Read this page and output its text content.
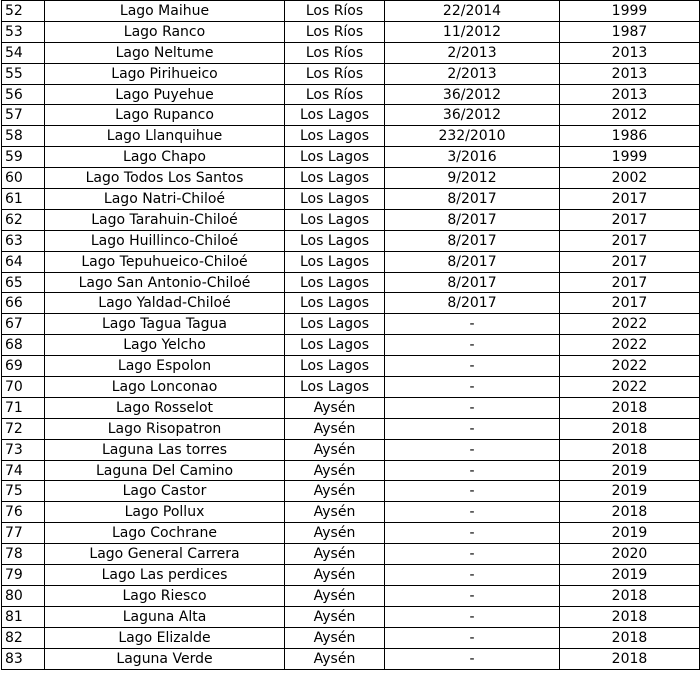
52	Lago Maihue	Los Ríos	22/2014	1999
53	Lago Ranco	Los Ríos	11/2012	1987
54	Lago Neltume	Los Ríos	2/2013	2013
55	Lago Pirihueico	Los Ríos	2/2013	2013
56	Lago Puyehue	Los Ríos	36/2012	2013
57	Lago Rupanco	Los Lagos	36/2012	2012
58	Lago Llanquihue	Los Lagos	232/2010	1986
59	Lago Chapo	Los Lagos	3/2016	1999
60	Lago Todos Los Santos	Los Lagos	9/2012	2002
61	Lago Natri-Chiloé	Los Lagos	8/2017	2017
62	Lago Tarahuin-Chiloé	Los Lagos	8/2017	2017
63	Lago Huillinco-Chiloé	Los Lagos	8/2017	2017
64	Lago Tepuhueico-Chiloé	Los Lagos	8/2017	2017
65	Lago San Antonio-Chiloé	Los Lagos	8/2017	2017
66	Lago Yaldad-Chiloé	Los Lagos	8/2017	2017
67	Lago Tagua Tagua	Los Lagos	-	2022
68	Lago Yelcho	Los Lagos	-	2022
69	Lago Espolon	Los Lagos	-	2022
70	Lago Lonconao	Los Lagos	-	2022
71	Lago Rosselot	Aysén	-	2018
72	Lago Risopatron	Aysén	-	2018
73	Laguna Las torres	Aysén	-	2018
74	Laguna Del Camino	Aysén	-	2019
75	Lago Castor	Aysén	-	2019
76	Lago Pollux	Aysén	-	2018
77	Lago Cochrane	Aysén	-	2019
78	Lago General Carrera	Aysén	-	2020
79	Lago Las perdices	Aysén	-	2019
80	Lago Riesco	Aysén	-	2018
81	Laguna Alta	Aysén	-	2018
82	Lago Elizalde	Aysén	-	2018
83	Laguna Verde	Aysén	-	2018
